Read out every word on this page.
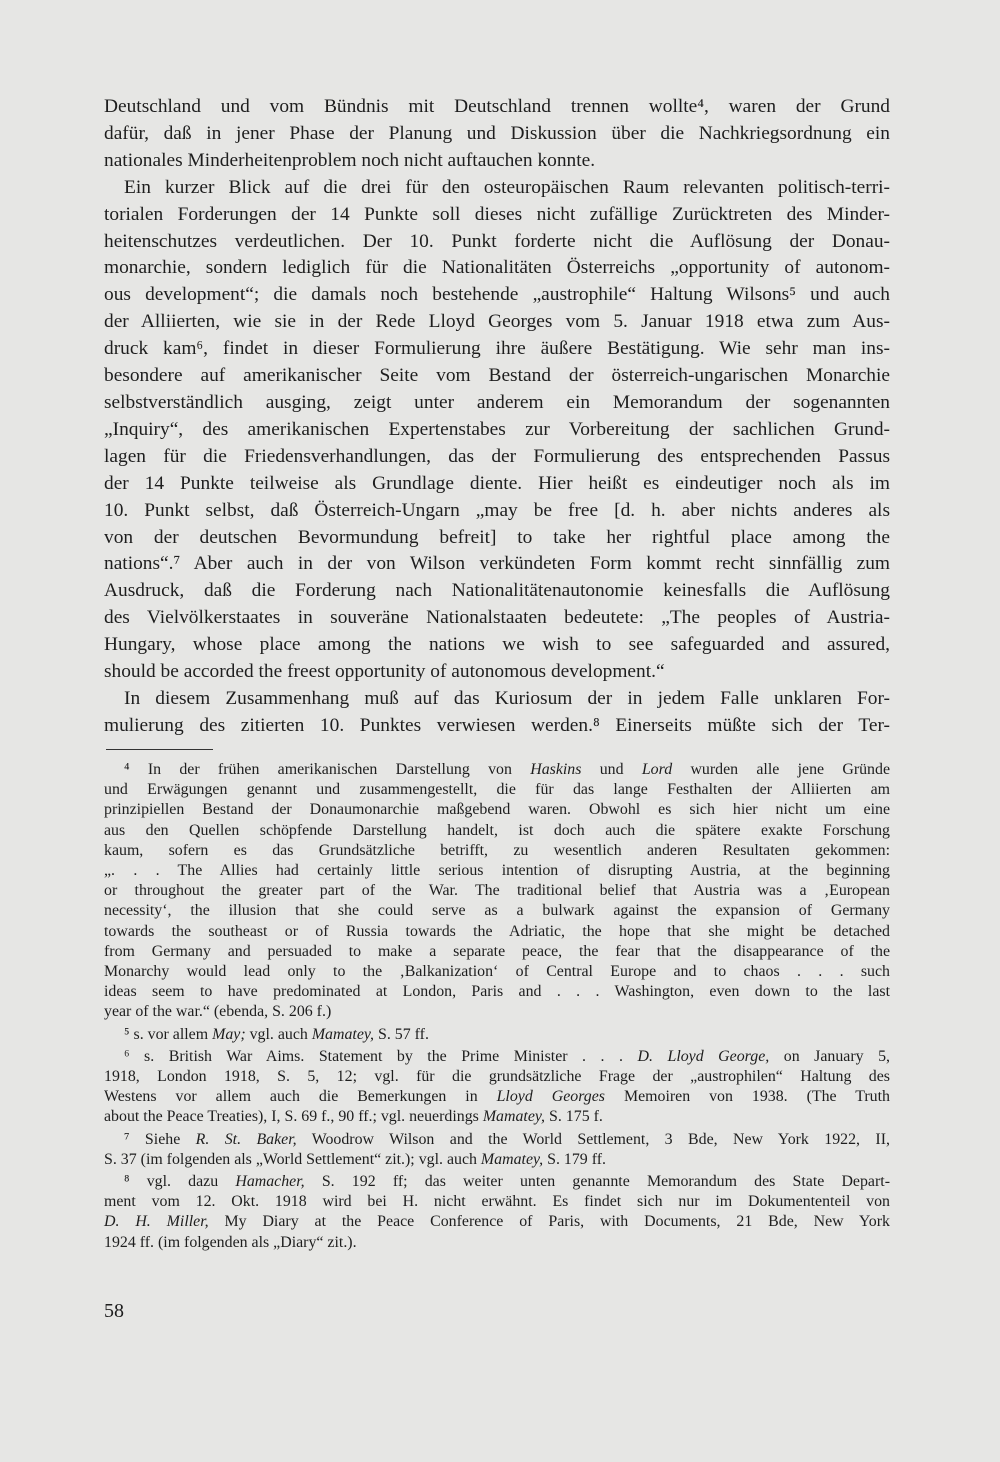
Deutschland und vom Bündnis mit Deutschland trennen wollte⁴, waren der Grund

dafür, daß in jener Phase der Planung und Diskussion über die Nachkriegsordnung ein

nationales Minderheitenproblem noch nicht auftauchen konnte.

Ein kurzer Blick auf die drei für den osteuropäischen Raum relevanten politisch-terri-

torialen Forderungen der 14 Punkte soll dieses nicht zufällige Zurücktreten des Minder-

heitenschutzes verdeutlichen. Der 10. Punkt forderte nicht die Auflösung der Donau-

monarchie, sondern lediglich für die Nationalitäten Österreichs „opportunity of autonom-

ous development“; die damals noch bestehende „austrophile“ Haltung Wilsons⁵ und auch

der Alliierten, wie sie in der Rede Lloyd Georges vom 5. Januar 1918 etwa zum Aus-

druck kam⁶, findet in dieser Formulierung ihre äußere Bestätigung. Wie sehr man ins-

besondere auf amerikanischer Seite vom Bestand der österreich-ungarischen Monarchie

selbstverständlich ausging, zeigt unter anderem ein Memorandum der sogenannten

„Inquiry“, des amerikanischen Expertenstabes zur Vorbereitung der sachlichen Grund-

lagen für die Friedensverhandlungen, das der Formulierung des entsprechenden Passus

der 14 Punkte teilweise als Grundlage diente. Hier heißt es eindeutiger noch als im

10. Punkt selbst, daß Österreich-Ungarn „may be free [d. h. aber nichts anderes als

von der deutschen Bevormundung befreit] to take her rightful place among the

nations“.⁷ Aber auch in der von Wilson verkündeten Form kommt recht sinnfällig zum

Ausdruck, daß die Forderung nach Nationalitätenautonomie keinesfalls die Auflösung

des Vielvölkerstaates in souveräne Nationalstaaten bedeutete: „The peoples of Austria-

Hungary, whose place among the nations we wish to see safeguarded and assured,

should be accorded the freest opportunity of autonomous development.“

In diesem Zusammenhang muß auf das Kuriosum der in jedem Falle unklaren For-

mulierung des zitierten 10. Punktes verwiesen werden.⁸ Einerseits müßte sich der Ter-

⁴ In der frühen amerikanischen Darstellung von Haskins und Lord wurden alle jene Gründe

und Erwägungen genannt und zusammengestellt, die für das lange Festhalten der Alliierten am

prinzipiellen Bestand der Donaumonarchie maßgebend waren. Obwohl es sich hier nicht um eine

aus den Quellen schöpfende Darstellung handelt, ist doch auch die spätere exakte Forschung

kaum, sofern es das Grundsätzliche betrifft, zu wesentlich anderen Resultaten gekommen:

„. . . The Allies had certainly little serious intention of disrupting Austria, at the beginning

or throughout the greater part of the War. The traditional belief that Austria was a ‚European

necessity‘, the illusion that she could serve as a bulwark against the expansion of Germany

towards the southeast or of Russia towards the Adriatic, the hope that she might be detached

from Germany and persuaded to make a separate peace, the fear that the disappearance of the

Monarchy would lead only to the ‚Balkanization‘ of Central Europe and to chaos . . . such

ideas seem to have predominated at London, Paris and . . . Washington, even down to the last

year of the war.“ (ebenda, S. 206 f.)

⁵ s. vor allem May; vgl. auch Mamatey, S. 57 ff.

⁶ s. British War Aims. Statement by the Prime Minister . . . D. Lloyd George, on January 5,

1918, London 1918, S. 5, 12; vgl. für die grundsätzliche Frage der „austrophilen“ Haltung des

Westens vor allem auch die Bemerkungen in Lloyd Georges Memoiren von 1938. (The Truth

about the Peace Treaties), I, S. 69 f., 90 ff.; vgl. neuerdings Mamatey, S. 175 f.

⁷ Siehe R. St. Baker, Woodrow Wilson and the World Settlement, 3 Bde, New York 1922, II,

S. 37 (im folgenden als „World Settlement“ zit.); vgl. auch Mamatey, S. 179 ff.

⁸ vgl. dazu Hamacher, S. 192 ff; das weiter unten genannte Memorandum des State Depart-

ment vom 12. Okt. 1918 wird bei H. nicht erwähnt. Es findet sich nur im Dokumententeil von

D. H. Miller, My Diary at the Peace Conference of Paris, with Documents, 21 Bde, New York

1924 ff. (im folgenden als „Diary“ zit.).

58
